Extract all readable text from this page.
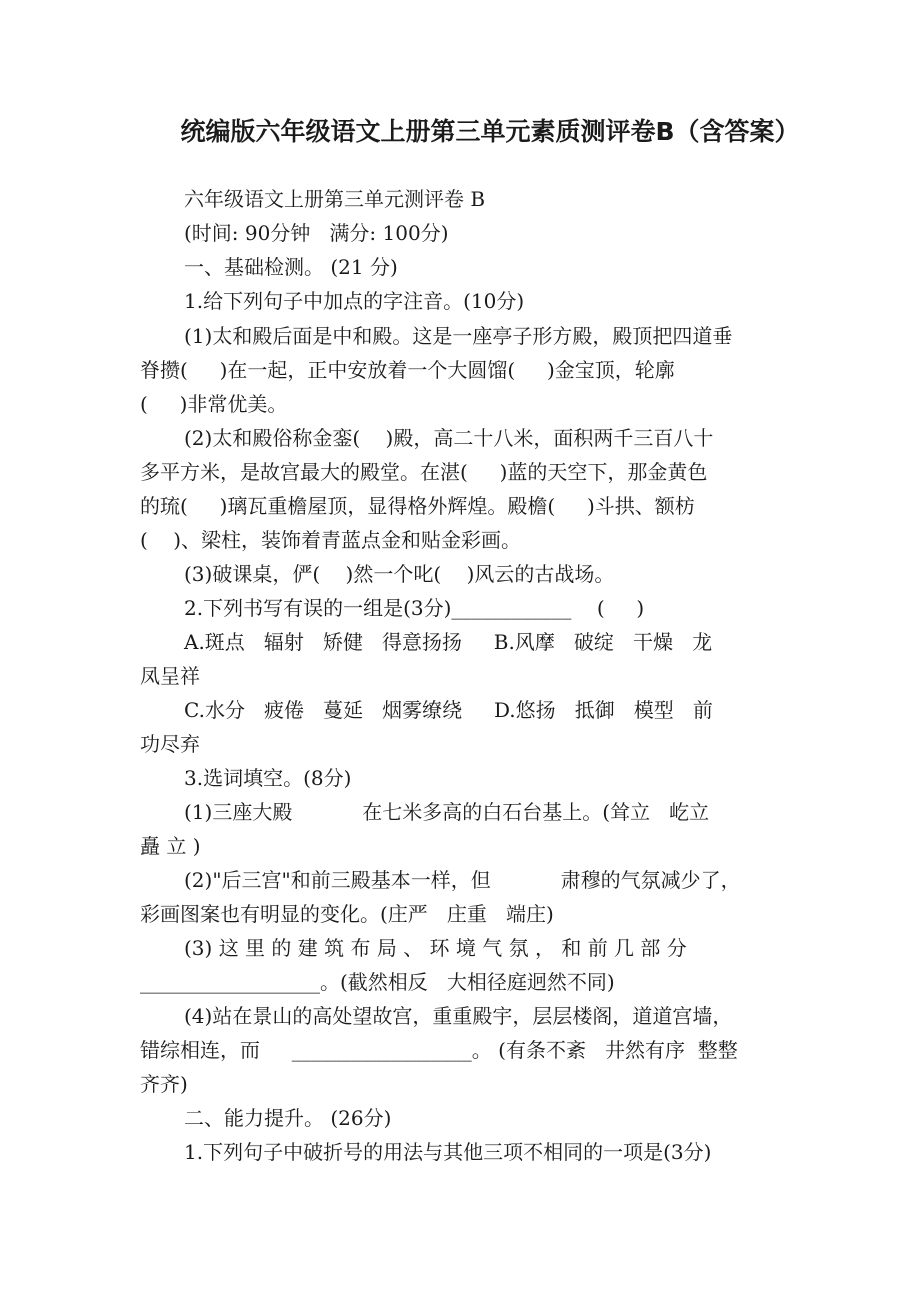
统编版六年级语文上册第三单元素质测评卷B（含答案）
六年级语文上册第三单元测评卷 B
(时间: 90分钟   满分: 100分)
一、基础检测。 (21 分)
1.给下列句子中加点的字注音。(10分)
(1)太和殿后面是中和殿。这是一座亭子形方殿，殿顶把四道垂
脊攒(     )在一起，正中安放着一个大圆馏(     )金宝顶，轮廓
(     )非常优美。
(2)太和殿俗称金銮(    )殿，高二十八米，面积两千三百八十
多平方米，是故宫最大的殿堂。在湛(     )蓝的天空下，那金黄色
的琉(     )璃瓦重檐屋顶，显得格外辉煌。殿檐(     )斗拱、额枋
(    )、梁柱，装饰着青蓝点金和贴金彩画。
(3)破课桌，俨(    )然一个叱(    )风云的古战场。
2.下列书写有误的一组是(3分)____________    (     )
A.斑点   辐射   矫健   得意扬扬     B.风摩   破绽   干燥   龙
凤呈祥
C.水分   疲倦   蔓延   烟雾缭绕     D.悠扬   抵御   模型   前
功尽弃
3.选词填空。(8分)
(1)三座大殿           在七米多高的白石台基上。(耸立   屹立
矗 立 )
(2)"后三宫"和前三殿基本一样，但           肃穆的气氛减少了，
彩画图案也有明显的变化。(庄严   庄重   端庄)
(3) 这 里 的 建 筑 布 局 、 环 境 气 氛 ， 和 前 几 部 分
__________________。(截然相反   大相径庭迥然不同)
(4)站在景山的高处望故宫，重重殿宇，层层楼阁，道道宫墙，
错综相连，而     __________________。 (有条不紊   井然有序  整整
齐齐)
二、能力提升。 (26分)
1.下列句子中破折号的用法与其他三项不相同的一项是(3分)
